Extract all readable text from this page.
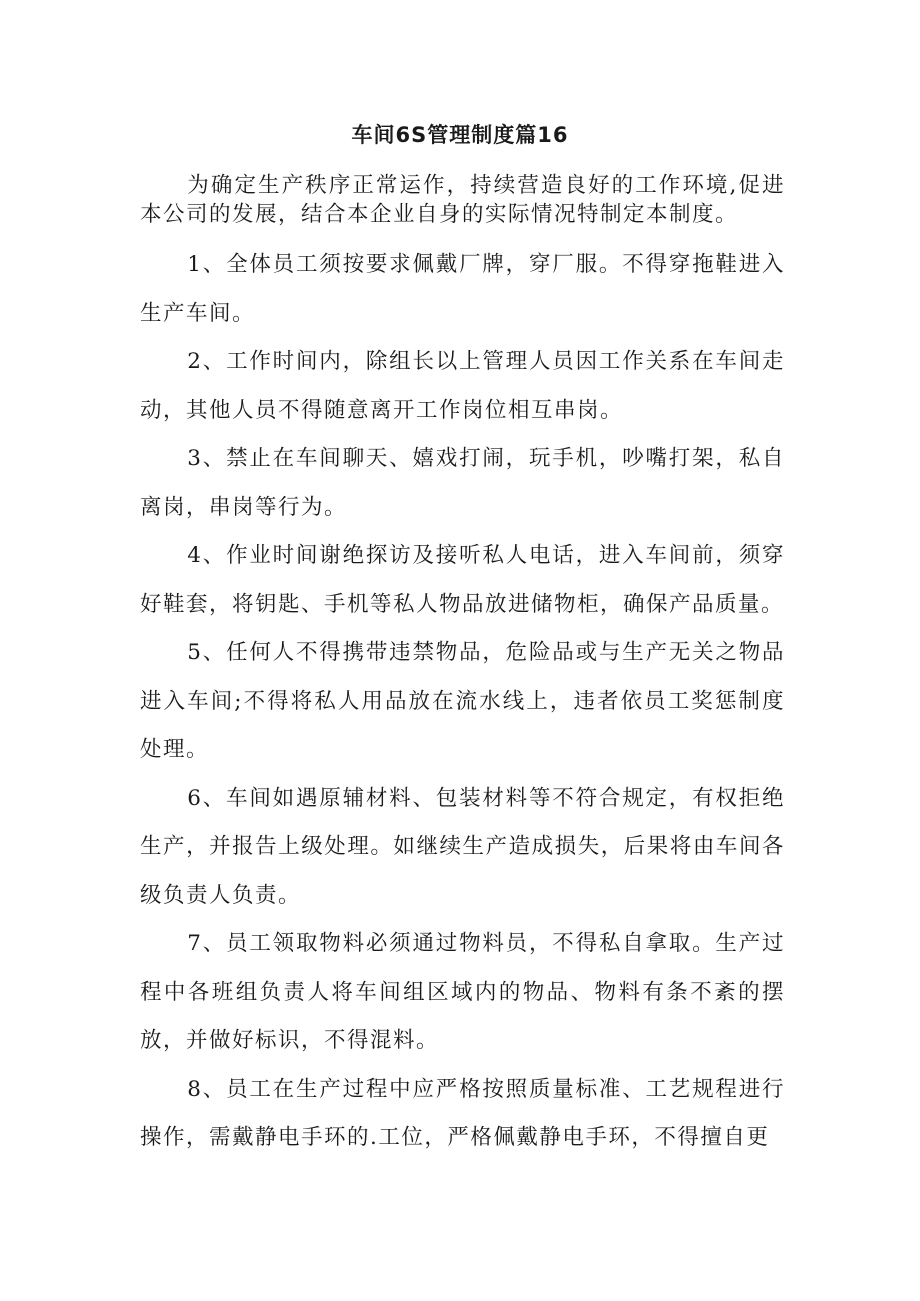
车间6S管理制度篇16

为确定生产秩序正常运作，持续营造良好的工作环境,促进本公司的发展，结合本企业自身的实际情况特制定本制度。

1、全体员工须按要求佩戴厂牌，穿厂服。不得穿拖鞋进入生产车间。

2、工作时间内，除组长以上管理人员因工作关系在车间走动，其他人员不得随意离开工作岗位相互串岗。

3、禁止在车间聊天、嬉戏打闹，玩手机，吵嘴打架，私自离岗，串岗等行为。

4、作业时间谢绝探访及接听私人电话，进入车间前，须穿好鞋套，将钥匙、手机等私人物品放进储物柜，确保产品质量。

5、任何人不得携带违禁物品，危险品或与生产无关之物品进入车间;不得将私人用品放在流水线上，违者依员工奖惩制度处理。

6、车间如遇原辅材料、包装材料等不符合规定，有权拒绝生产，并报告上级处理。如继续生产造成损失，后果将由车间各级负责人负责。

7、员工领取物料必须通过物料员，不得私自拿取。生产过程中各班组负责人将车间组区域内的物品、物料有条不紊的摆放，并做好标识，不得混料。

8、员工在生产过程中应严格按照质量标准、工艺规程进行操作，需戴静电手环的.工位，严格佩戴静电手环，不得擅自更
